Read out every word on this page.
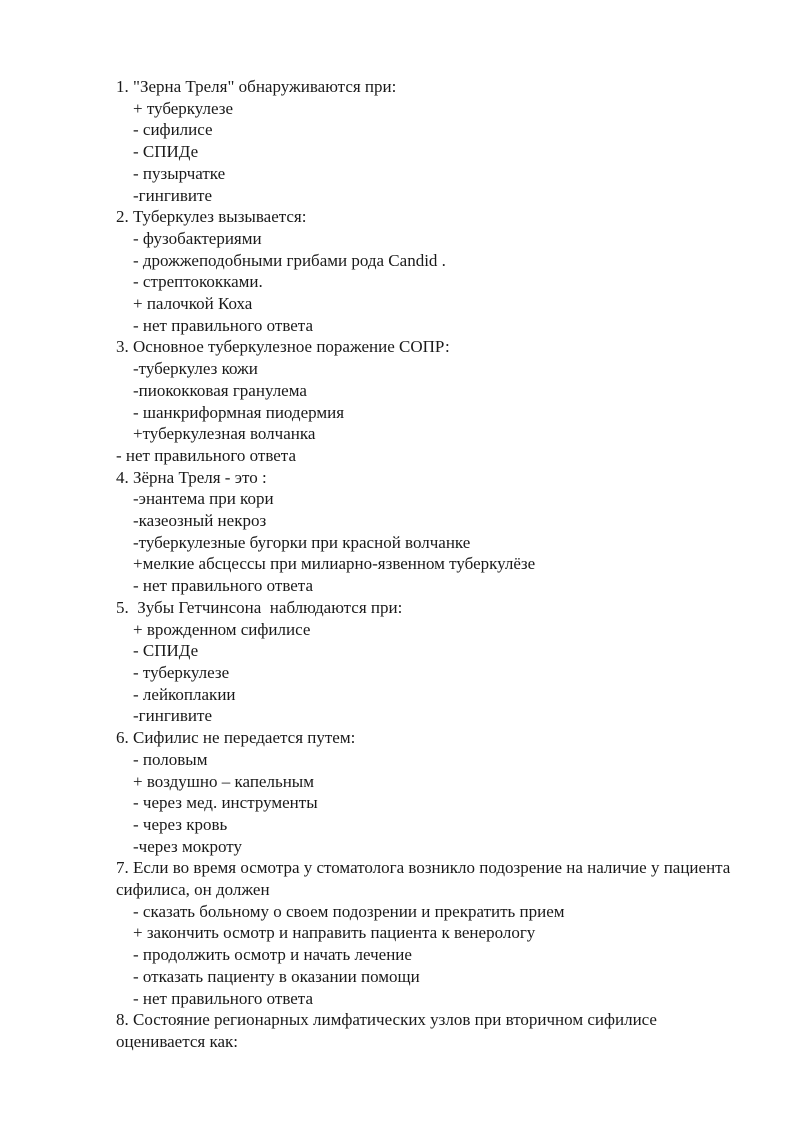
1. "Зерна Треля" обнаруживаются при:
+ туберкулезе
- сифилисе
- СПИДе
- пузырчатке
-гингивите
2. Туберкулез вызывается:
- фузобактериями
- дрожжеподобными грибами рода Candid .
- стрептококками.
+ палочкой Коха
- нет правильного ответа
3. Основное туберкулезное поражение СОПР:
-туберкулез кожи
-пиококковая гранулема
- шанкриформная пиодермия
+туберкулезная волчанка
- нет правильного ответа
4. Зёрна Треля - это :
-энантема при кори
-казеозный некроз
-туберкулезные бугорки при красной волчанке
+мелкие абсцессы при милиарно-язвенном туберкулёзе
- нет правильного ответа
5.  Зубы Гетчинсона  наблюдаются при:
+ врожденном сифилисе
- СПИДе
- туберкулезе
- лейкоплакии
-гингивите
6. Сифилис не передается путем:
- половым
+ воздушно – капельным
- через мед. инструменты
- через кровь
-через мокроту
7. Если во время осмотра у стоматолога возникло подозрение на наличие у пациента сифилиса, он должен
- сказать больному о своем подозрении и прекратить прием
+ закончить осмотр и направить пациента к венерологу
- продолжить осмотр и начать лечение
- отказать пациенту в оказании помощи
- нет правильного ответа
8. Состояние регионарных лимфатических узлов при вторичном сифилисе оценивается как:
